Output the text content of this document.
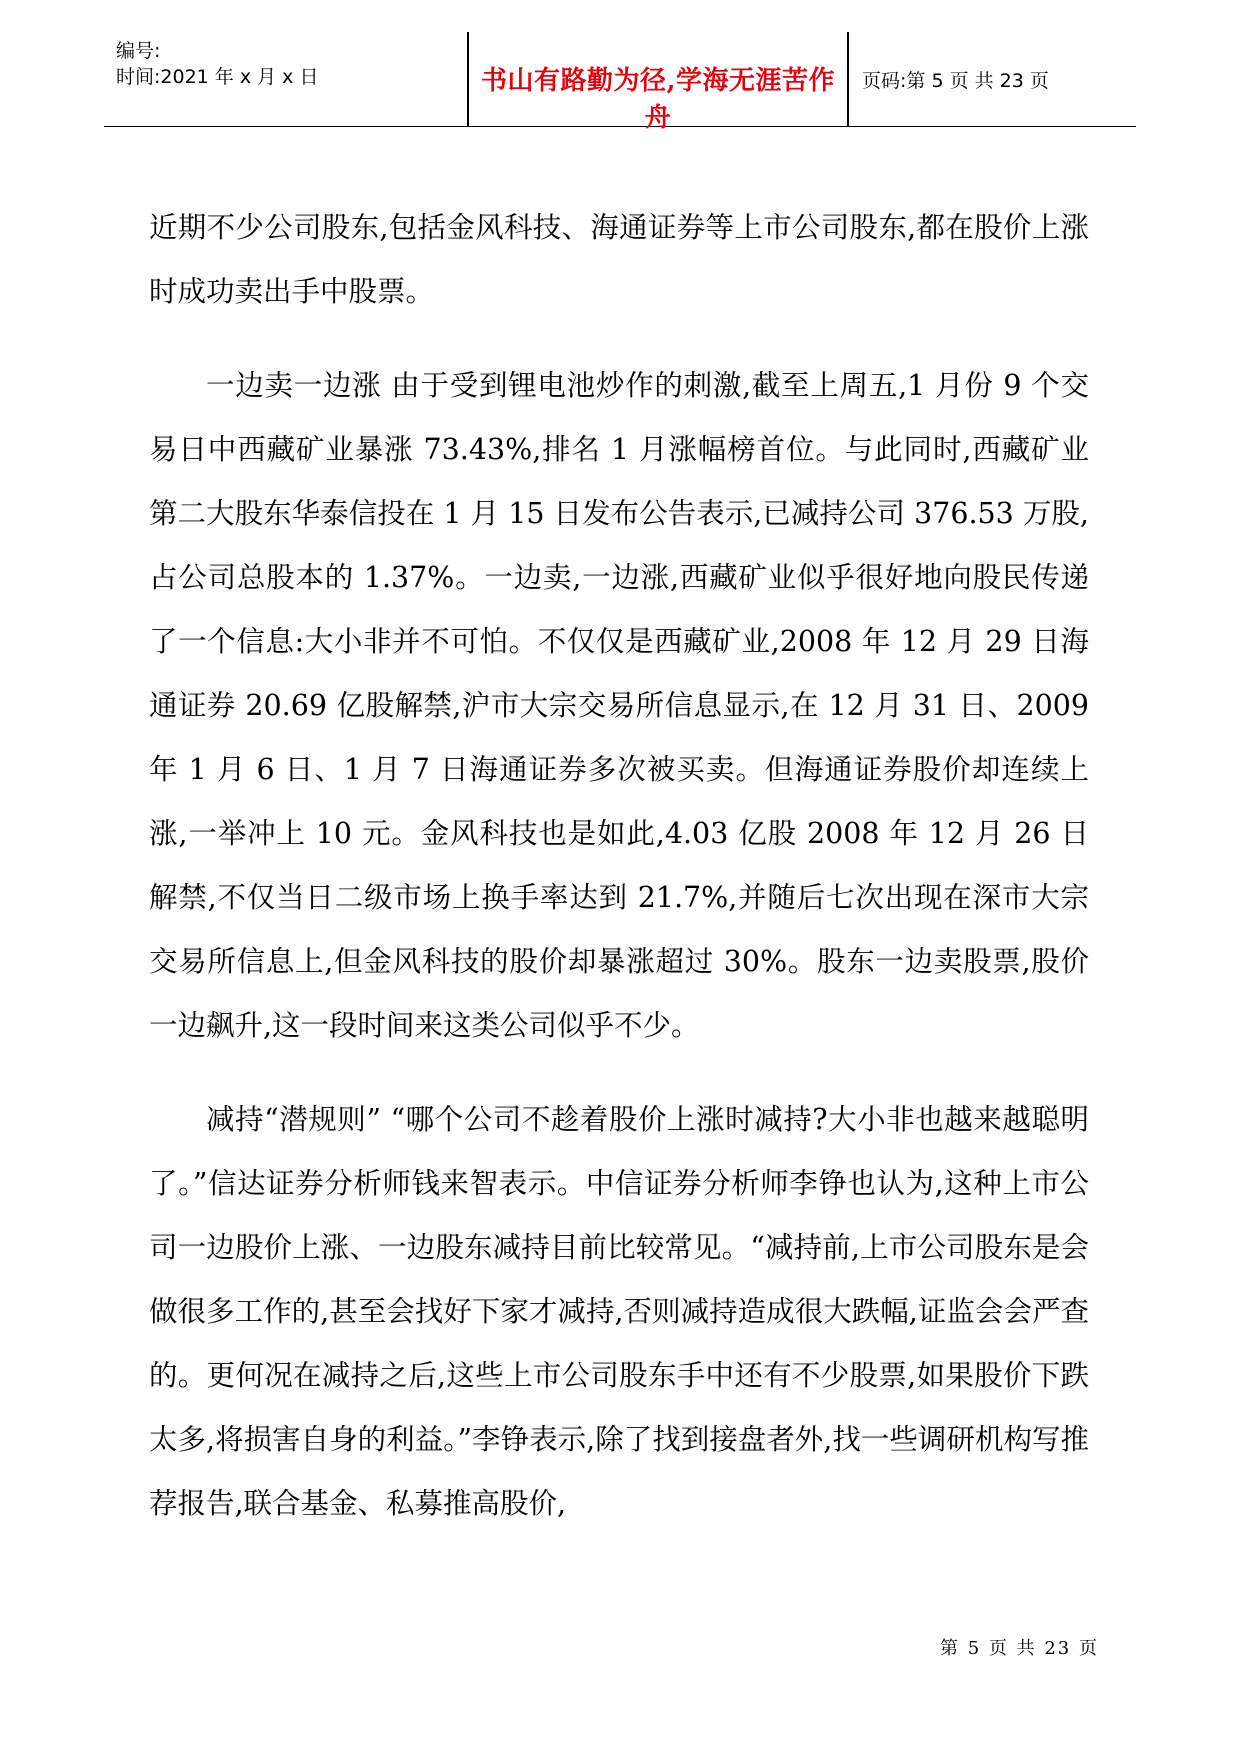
编号:
时间:2021 年 x 月 x 日	书山有路勤为径,学海无涯苦作舟
页码:第 5 页 共 23 页

近期不少公司股东,包括金风科技、海通证券等上市公司股东,都在股价上涨时成功卖出手中股票。

一边卖一边涨 由于受到锂电池炒作的刺激,截至上周五,1 月份 9 个交易日中西藏矿业暴涨 73.43%,排名 1 月涨幅榜首位。与此同时,西藏矿业第二大股东华泰信投在 1 月 15 日发布公告表示,已减持公司 376.53 万股,占公司总股本的 1.37%。一边卖,一边涨,西藏矿业似乎很好地向股民传递了一个信息:大小非并不可怕。不仅仅是西藏矿业,2008 年 12 月 29 日海通证券 20.69 亿股解禁,沪市大宗交易所信息显示,在 12 月 31 日、2009 年 1 月 6 日、1 月 7 日海通证券多次被买卖。但海通证券股价却连续上涨,一举冲上 10 元。金风科技也是如此,4.03 亿股 2008 年 12 月 26 日解禁,不仅当日二级市场上换手率达到 21.7%,并随后七次出现在深市大宗交易所信息上,但金风科技的股价却暴涨超过 30%。股东一边卖股票,股价一边飙升,这一段时间来这类公司似乎不少。

减持“潜规则” “哪个公司不趁着股价上涨时减持?大小非也越来越聪明了。”信达证券分析师钱来智表示。中信证券分析师李铮也认为,这种上市公司一边股价上涨、一边股东减持目前比较常见。“减持前,上市公司股东是会做很多工作的,甚至会找好下家才减持,否则减持造成很大跌幅,证监会会严查的。更何况在减持之后,这些上市公司股东手中还有不少股票,如果股价下跌太多,将损害自身的利益。”李铮表示,除了找到接盘者外,找一些调研机构写推荐报告,联合基金、私募推高股价,

第 5 页 共 23 页
